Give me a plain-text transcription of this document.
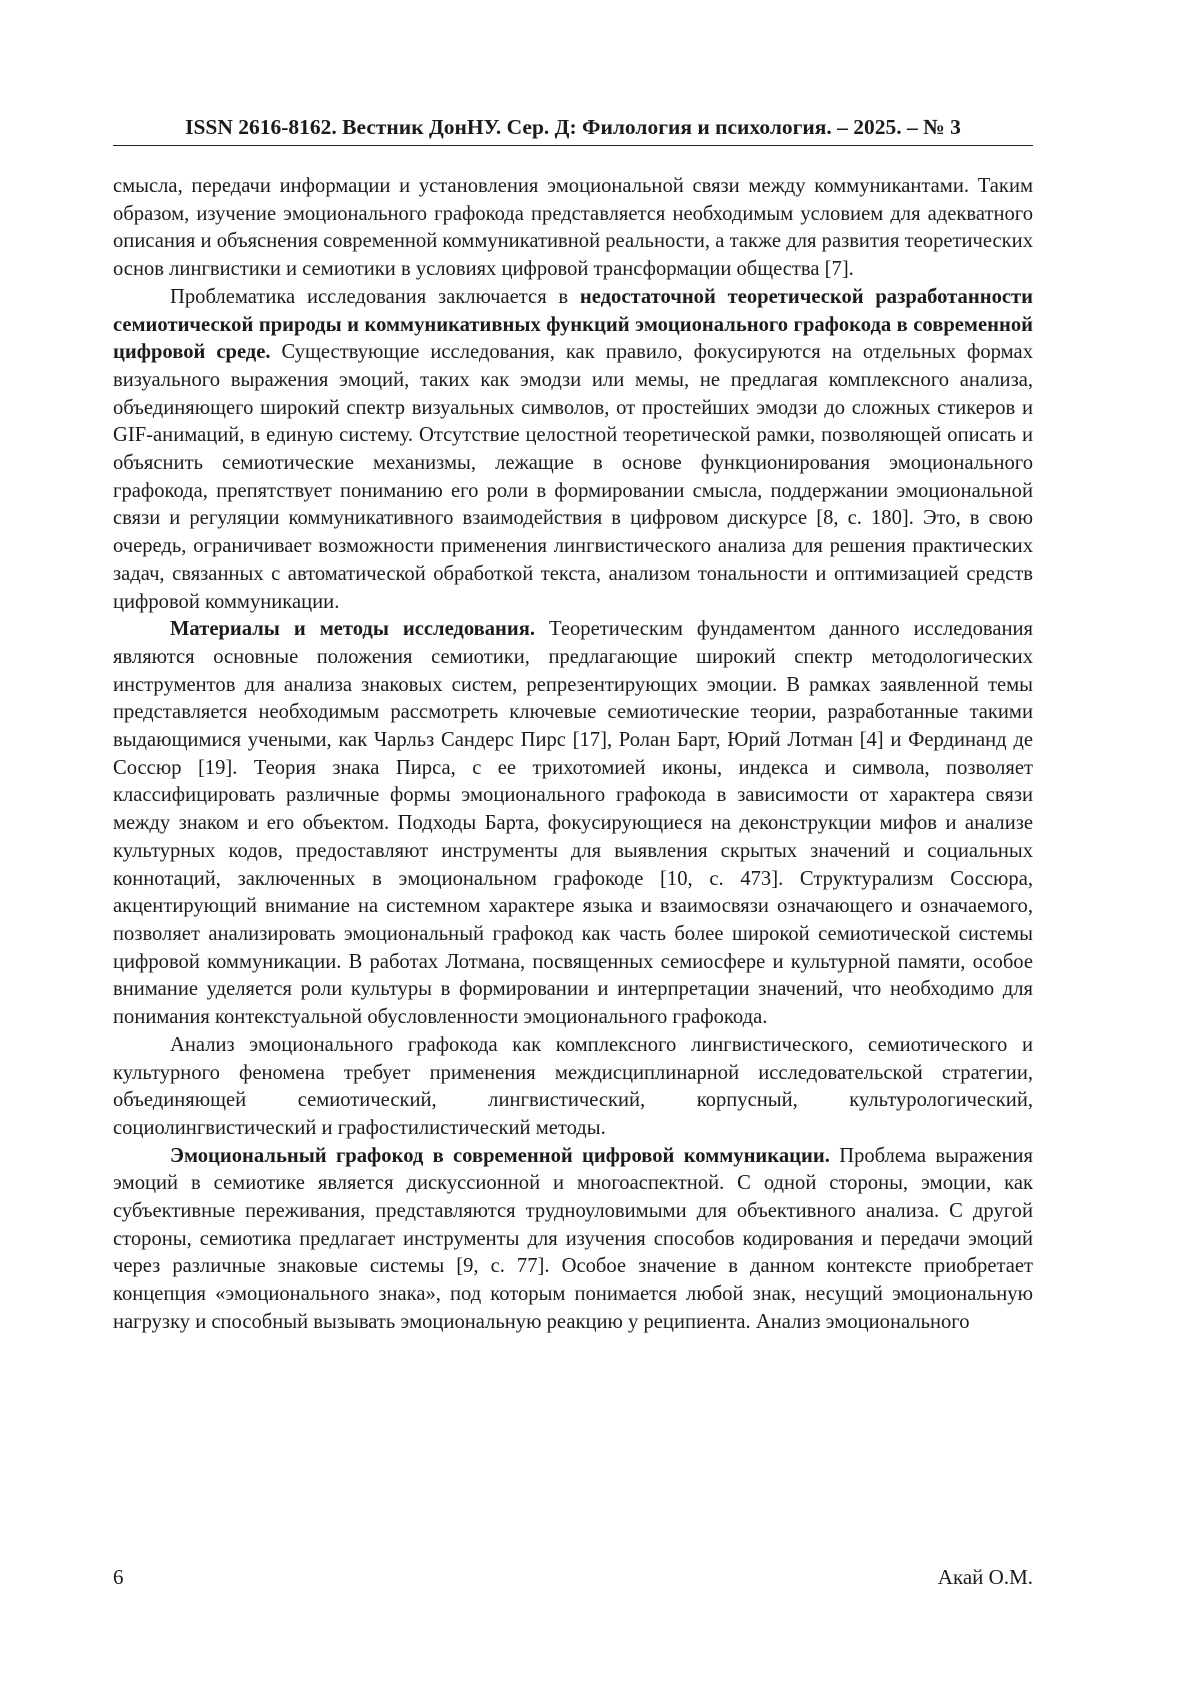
ISSN 2616-8162. Вестник ДонНУ. Сер. Д: Филология и психология. – 2025. – № 3

смысла, передачи информации и установления эмоциональной связи между коммуникантами. Таким образом, изучение эмоционального графокода представляется необходимым условием для адекватного описания и объяснения современной коммуникативной реальности, а также для развития теоретических основ лингвистики и семиотики в условиях цифровой трансформации общества [7].

Проблематика исследования заключается в недостаточной теоретической разработанности семиотической природы и коммуникативных функций эмоционального графокода в современной цифровой среде. Существующие исследования, как правило, фокусируются на отдельных формах визуального выражения эмоций, таких как эмодзи или мемы, не предлагая комплексного анализа, объединяющего широкий спектр визуальных символов, от простейших эмодзи до сложных стикеров и GIF-анимаций, в единую систему. Отсутствие целостной теоретической рамки, позволяющей описать и объяснить семиотические механизмы, лежащие в основе функционирования эмоционального графокода, препятствует пониманию его роли в формировании смысла, поддержании эмоциональной связи и регуляции коммуникативного взаимодействия в цифровом дискурсе [8, с. 180]. Это, в свою очередь, ограничивает возможности применения лингвистического анализа для решения практических задач, связанных с автоматической обработкой текста, анализом тональности и оптимизацией средств цифровой коммуникации.

Материалы и методы исследования. Теоретическим фундаментом данного исследования являются основные положения семиотики, предлагающие широкий спектр методологических инструментов для анализа знаковых систем, репрезентирующих эмоции. В рамках заявленной темы представляется необходимым рассмотреть ключевые семиотические теории, разработанные такими выдающимися учеными, как Чарльз Сандерс Пирс [17], Ролан Барт, Юрий Лотман [4] и Фердинанд де Соссюр [19]. Теория знака Пирса, с ее трихотомией иконы, индекса и символа, позволяет классифицировать различные формы эмоционального графокода в зависимости от характера связи между знаком и его объектом. Подходы Барта, фокусирующиеся на деконструкции мифов и анализе культурных кодов, предоставляют инструменты для выявления скрытых значений и социальных коннотаций, заключенных в эмоциональном графокоде [10, с. 473]. Структурализм Соссюра, акцентирующий внимание на системном характере языка и взаимосвязи означающего и означаемого, позволяет анализировать эмоциональный графокод как часть более широкой семиотической системы цифровой коммуникации. В работах Лотмана, посвященных семиосфере и культурной памяти, особое внимание уделяется роли культуры в формировании и интерпретации значений, что необходимо для понимания контекстуальной обусловленности эмоционального графокода.

Анализ эмоционального графокода как комплексного лингвистического, семиотического и культурного феномена требует применения междисциплинарной исследовательской стратегии, объединяющей семиотический, лингвистический, корпусный, культурологический, социолингвистический и графостилистический методы.

Эмоциональный графокод в современной цифровой коммуникации. Проблема выражения эмоций в семиотике является дискуссионной и многоаспектной. С одной стороны, эмоции, как субъективные переживания, представляются трудноуловимыми для объективного анализа. С другой стороны, семиотика предлагает инструменты для изучения способов кодирования и передачи эмоций через различные знаковые системы [9, с. 77]. Особое значение в данном контексте приобретает концепция «эмоционального знака», под которым понимается любой знак, несущий эмоциональную нагрузку и способный вызывать эмоциональную реакцию у реципиента. Анализ эмоционального

6	Акай О.М.
